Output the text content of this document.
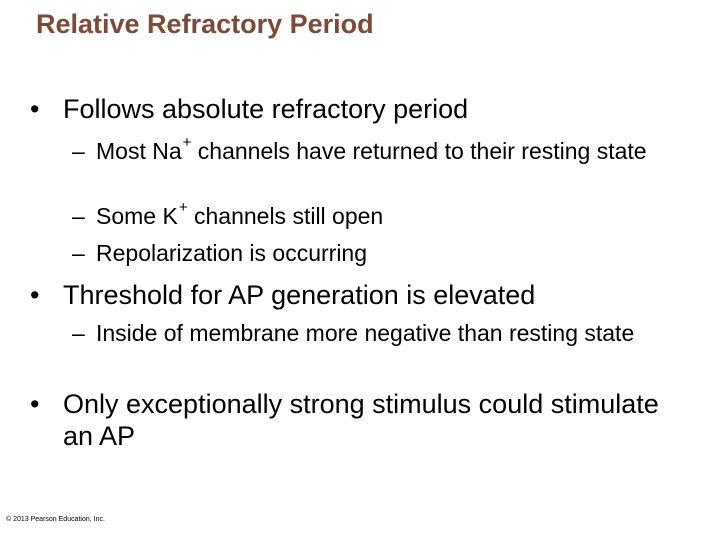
Relative Refractory Period
• Follows absolute refractory period
– Most Na+ channels have returned to their resting state
– Some K+ channels still open
– Repolarization is occurring
• Threshold for AP generation is elevated
– Inside of membrane more negative than resting state
• Only exceptionally strong stimulus could stimulate an AP
© 2013 Pearson Education, Inc.
